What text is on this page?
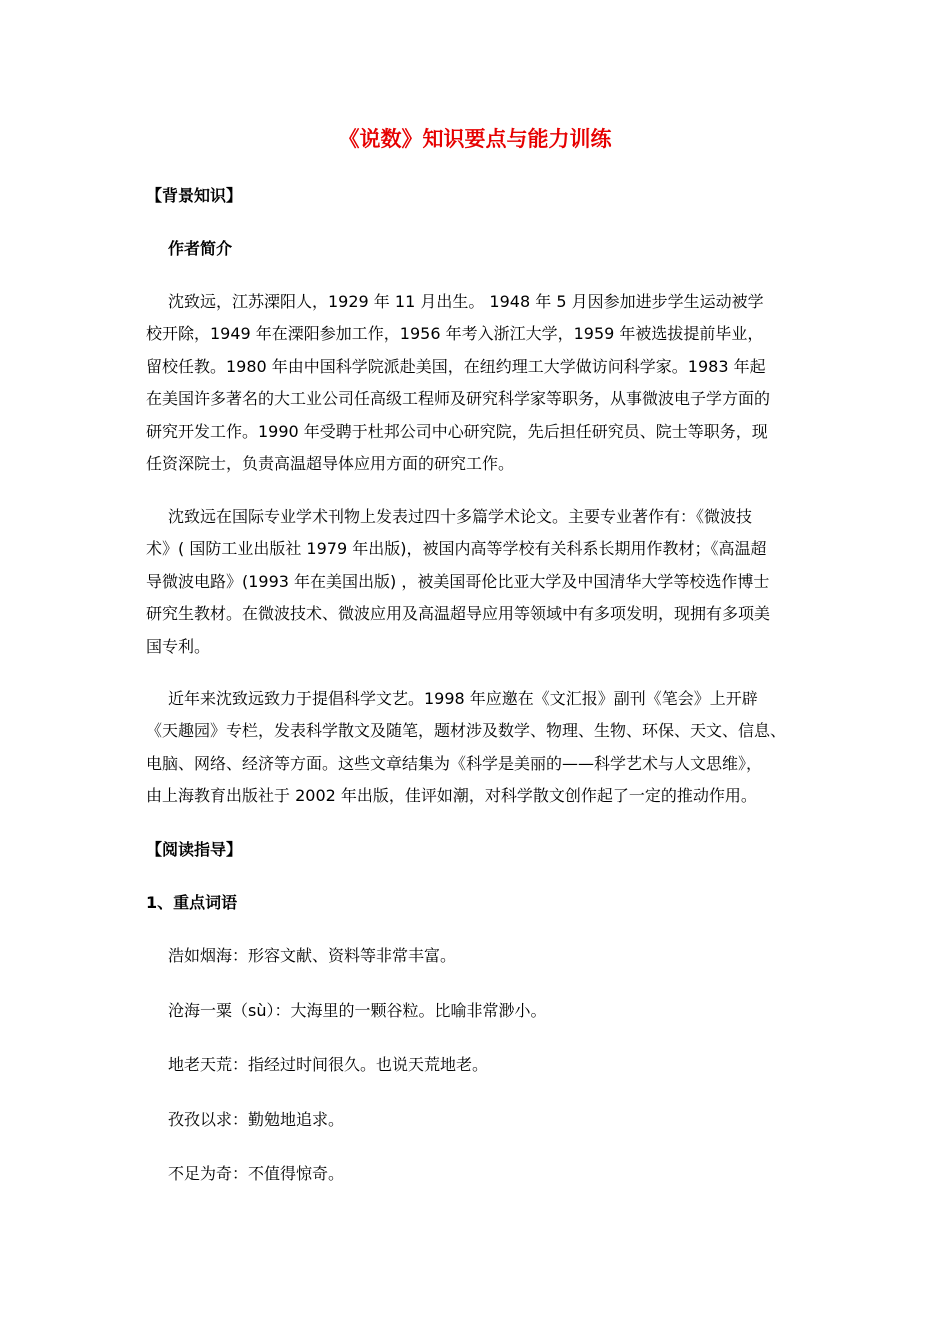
《说数》知识要点与能力训练
【背景知识】
作者简介

沈致远，江苏溧阳人，1929 年 11 月出生。 1948 年 5 月因参加进步学生运动被学
校开除，1949 年在溧阳参加工作，1956 年考入浙江大学，1959 年被选拔提前毕业，
留校任教。1980 年由中国科学院派赴美国，在纽约理工大学做访问科学家。1983 年起
在美国许多著名的大工业公司任高级工程师及研究科学家等职务，从事微波电子学方面的
研究开发工作。1990 年受聘于杜邦公司中心研究院，先后担任研究员、院士等职务，现
任资深院士，负责高温超导体应用方面的研究工作。

沈致远在国际专业学术刊物上发表过四十多篇学术论文。主要专业著作有：《微波技
术》( 国防工业出版社 1979 年出版)，被国内高等学校有关科系长期用作教材；《高温超
导微波电路》(1993 年在美国出版) ，被美国哥伦比亚大学及中国清华大学等校选作博士
研究生教材。在微波技术、微波应用及高温超导应用等领域中有多项发明，现拥有多项美
国专利。

近年来沈致远致力于提倡科学文艺。1998 年应邀在《文汇报》副刊《笔会》上开辟
《天趣园》专栏，发表科学散文及随笔，题材涉及数学、物理、生物、环保、天文、信息、
电脑、网络、经济等方面。这些文章结集为《科学是美丽的——科学艺术与人文思维》，
由上海教育出版社于 2002 年出版，佳评如潮，对科学散文创作起了一定的推动作用。

【阅读指导】
1、重点词语
浩如烟海：形容文献、资料等非常丰富。
沧海一粟（sù）：大海里的一颗谷粒。比喻非常渺小。
地老天荒：指经过时间很久。也说天荒地老。
孜孜以求：勤勉地追求。
不足为奇：不值得惊奇。
